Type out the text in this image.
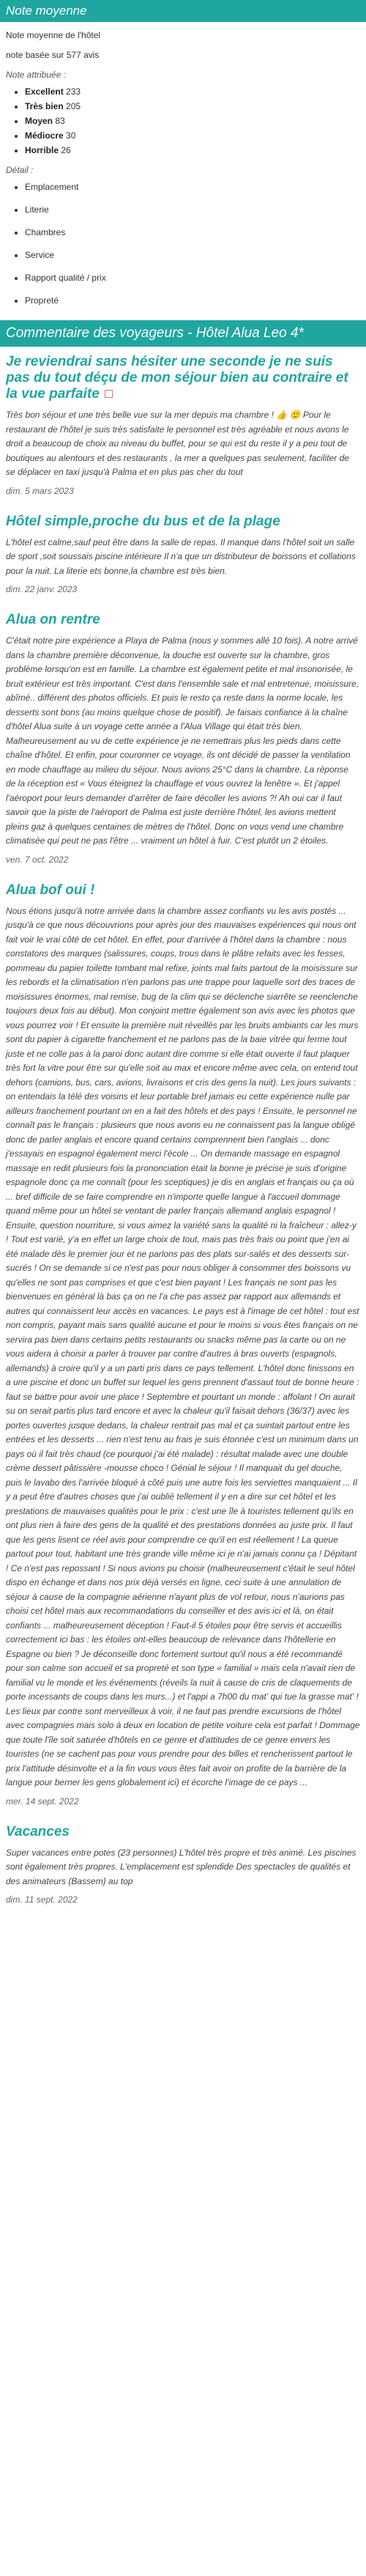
Note moyenne

Note moyenne de l'hôtel

note basée sur 577 avis

Note attribuée :
• Excellent 233
• Très bien 205
• Moyen 83
• Médiocre 30
• Horrible 26
Détail :
• Emplacement
• Literie
• Chambres
• Service
• Rapport qualité / prix
• Propreté
Commentaire des voyageurs - Hôtel Alua Leo 4*
Je reviendrai sans hésiter une seconde je ne suis pas du tout déçu de mon séjour bien au contraire et la vue parfaite
Très bon séjour et une très belle vue sur la mer depuis ma chambre ! 👍 🙂 Pour le restaurant de l'hôtel je suis très satisfaite le personnel est très agréable et nous avons le droit a beaucoup de choix au niveau du buffet, pour se qui est du reste il y a peu tout de boutiques au alentours et des restaurants , la mer a quelques pas seulement, faciliter de se déplacer en taxi jusqu'à Palma et en plus pas cher du tout
dim. 5 mars 2023
Hôtel simple,proche du bus et de la plage
L'hôtel est calme,sauf peut être dans la salle de repas. Il manque dans l'hôtel soit un salle de sport ,soit soussais piscine intérieure Il n'a que un distributeur de boissons et collations pour la nuit. La literie ets bonne,la chambre est très bien.
dim. 22 janv. 2023
Alua on rentre
C'était notre pire expérience a Playa de Palma (nous y sommes allé 10 fois). A notre arrivé dans la chambre première déconvenue, la douche est ouverte sur la chambre, gros problème lorsqu'on est en famille. La chambre est également petite et mal insonorisée, le bruit extérieur est très important. C'est dans l'ensemble sale et mal entretenue, moisissure, abîmé.. différent des photos officiels. Et puis le resto ça reste dans la norme locale, les desserts sont bons (au moins quelque chose de positif). Je faisais confiance à la chaîne d'hôtel Alua suite à un voyage cette année a l'Alua Village qui était très bien. Malheureusement au vu de cette expérience je ne remettrais plus les pieds dans cette chaîne d'hôtel. Et enfin, pour couronner ce voyage, ils ont décidé de passer la ventilation en mode chauffage au milieu du séjour. Nous avions 25°C dans la chambre. La réponse de la réception est « Vous éteignez la chauffage et vous ouvrez la fenêtre ». Et j'appel l'aéroport pour leurs demander d'arrêter de faire décoller les avions ?! Ah oui car il faut savoir que la piste de l'aéroport de Palma est juste derrière l'hôtel, les avions mettent pleins gaz à quelques centaines de mètres de l'hôtel. Donc on vous vend une chambre climatisée qui peut ne pas l'être ... vraiment un hôtel à fuir. C'est plutôt un 2 étoiles.
ven. 7 oct. 2022
Alua bof oui !
Nous étions jusqu'à notre arrivée dans la chambre assez confiants vu les avis postés ... jusqu'à ce que nous découvrions pour après jour des mauvaises expériences qui nous ont fait voir le vrai côté de cet hôtel. En effet, pour d'arrivée à l'hôtel dans la chambre : nous constatons des marques (salissures, coups, trous dans le plâtre refaits avec les fesses, pommeau du papier toilette tombant mal refixe, joints mal faits partout de la moisissure sur les rebords et la climatisation n'en parlons pas une trappe pour laquelle sort des traces de moisissures énormes, mal remise, bug de la clim qui se déclenche siarrête se reenclenche toujours deux fois au début). Mon conjoint mettre également son avis avec les photos que vous pourrez voir ! Et ensuite la première nuit réveillés par les bruits ambiants car les murs sont du papier à cigarette franchement et ne parlons pas de la baie vitrée qui ferme tout juste et ne colle pas à la paroi donc autant dire comme si elle était ouverte il faut plaquer très fort la vitre pour être sur qu'elle soit au max et encore même avec cela, on entend tout dehors (camions, bus, cars, avions, livraisons et cris des gens la nuit). Les jours suivants : on entendais la télé des voisins et leur portable bref jamais eu cette expérience nulle par ailleurs franchement pourtant on en a fait des hôtels et des pays ! Ensuite, le personnel ne connaît pas le français : plusieurs que nous avons eu ne connaissent pas la langue obligé donc de parler anglais et encore quand certains comprennent bien l'anglais ... donc j'essayais en espagnol également merci l'école ... On demande massage en espagnol massaje en redit plusieurs fois la prononciation était la bonne je précise je suis d'origine espagnole donc ça me connaît (pour les sceptiques) je dis en anglais et français ou ça où ... bref difficile de se faire comprendre en n'importe quelle langue à l'accueil dommage quand même pour un hôtel se ventant de parler français allemand anglais espagnol ! Ensuite, question nourriture, si vous aimez la variété sans la qualité ni la fraîcheur : allez-y ! Tout est varié, y'a en effet un large choix de tout, mais pas très frais ou point que j'en ai été malade dès le premier jour et ne parlons pas des plats sur-salés et des desserts sur-sucrés ! On se demande si ce n'est pas pour nous obliger à consommer des boissons vu qu'elles ne sont pas comprises et que c'est bien payant ! Les français ne sont pas les bienvenues en général là bas ça on ne l'a che pas assez par rapport aux allemands et autres qui connaissent leur accès en vacances. Le pays est à l'image de cet hôtel : tout est non compris, payant mais sans qualité aucune et pour le moins si vous êtes français on ne servira pas bien dans certains petits restaurants ou snacks même pas la carte ou on ne vous aidera à choisir a parler à trouver par contre d'autres à bras ouverts (espagnols, allemands) à croire qu'il y a un parti pris dans ce pays tellement. L'hôtel donc finissons en a une piscine et donc un buffet sur lequel les gens prennent d'assaut tout de bonne heure : faut se battre pour avoir une place ! Septembre et pourtant un monde : affolant ! On aurait su on serait partis plus tard encore et avec la chaleur qu'il faisait dehors (36/37) avec les portes ouvertes jusque dedans, la chaleur rentrait pas mal et ça suintait partout entre les entrées et les desserts ... rien n'est tenu au frais je suis étonnée c'est un minimum dans un pays où il fait très chaud (ce pourquoi j'ai été malade) : résultat malade avec une double crème dessert pâtissière -mousse choco ! Génial le séjour ! Il manquait du gel douche, puis le lavabo des l'arrivée bloqué à côté puis une autre fois les serviettes manquaient ... Il y a peut être d'autres choses que j'ai oublié tellement il y en a dire sur cet hôtel et les prestations de mauvaises qualités pour le prix : c'est une île à touristes tellement qu'ils en ont plus rien à faire des gens de la qualité et des prestations données au juste prix. Il faut que les gens lisent ce réel avis pour comprendre ce qu'il en est réellement ! La queue partout pour tout, habitant une très grande ville même ici je n'ai jamais connu ça ! Dépitant ! Ce n'est pas repossant ! Si nous avions pu choisir (malheureusement c'était le seul hôtel dispo en échange et dans nos prix déjà versés en ligne, ceci suite à une annulation de séjour à cause de la compagnie aérienne n'ayant plus de vol retour, nous n'aurions pas choisi cet hôtel mais aux recommandations du conseiller et des avis ici et là, on était confiants ... malheureusement déception ! Faut-il 5 étoiles pour être servis et accueillis correctement ici bas : les étoiles ont-elles beaucoup de relevance dans l'hôtellerie en Espagne ou bien ? Je déconseille donc fortement surtout qu'il nous a été recommandé pour son calme son accueil et sa propreté et son type « familial » mais cela n'avait rien de familial vu le monde et les événements (réveils la nuit à cause de cris de claquements de porte incessants de coups dans les murs...) et l'appi a 7h00 du mat' qui tue la grasse mat' ! Les lieux par contre sont merveilleux à voir, il ne faut pas prendre excursions de l'hôtel avec compagnies mais solo à deux en location de petite voiture cela est parfait ! Dommage que toute l'île soit saturée d'hôtels en ce genre et d'attitudes de ce genre envers les touristes (ne se cachent pas pour vous prendre pour des billes et rencherissent partout le prix l'attitude désinvolte et a la fin vous vous êtes fait avoir on profite de la barrière de la langue pour berner les gens globalement ici) et écorche l'image de ce pays ...
mer. 14 sept. 2022
Vacances
Super vacances entre potes (23 personnes) L'hôtel très propre et très animé. Les piscines sont également très propres. L'emplacement est splendide Des spectacles de qualités et des animateurs (Bassem) au top
dim. 11 sept. 2022
